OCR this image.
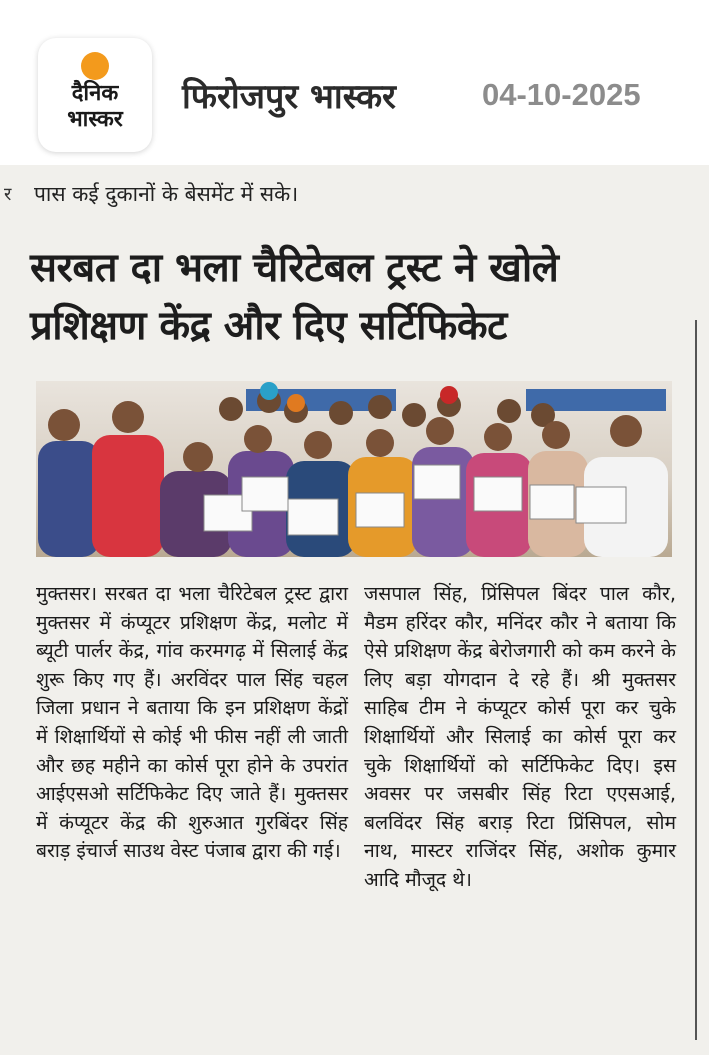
दैनिक
भास्कर
फिरोजपुर भास्कर	04-10-2025
र पास कई दुकानों के बेसमेंट में सके।
सरबत दा भला चैरिटेबल ट्रस्ट ने खोले
प्रशिक्षण केंद्र और दिए सर्टिफिकेट

मुक्तसर। सरबत दा भला चैरिटेबल ट्रस्ट द्वारा मुक्तसर में कंप्यूटर प्रशिक्षण केंद्र, मलोट में ब्यूटी पार्लर केंद्र, गांव करमगढ़ में सिलाई केंद्र शुरू किए गए हैं। अरविंदर पाल सिंह चहल जिला प्रधान ने बताया कि इन प्रशिक्षण केंद्रों में शिक्षार्थियों से कोई भी फीस नहीं ली जाती और छह महीने का कोर्स पूरा होने के उपरांत आईएसओ सर्टिफिकेट दिए जाते हैं। मुक्तसर में कंप्यूटर केंद्र की शुरुआत गुरबिंदर सिंह बराड़ इंचार्ज साउथ वेस्ट पंजाब द्वारा की गई।

जसपाल सिंह, प्रिंसिपल बिंदर पाल कौर, मैडम हरिंदर कौर, मनिंदर कौर ने बताया कि ऐसे प्रशिक्षण केंद्र बेरोजगारी को कम करने के लिए बड़ा योगदान दे रहे हैं। श्री मुक्तसर साहिब टीम ने कंप्यूटर कोर्स पूरा कर चुके शिक्षार्थियों और सिलाई का कोर्स पूरा कर चुके शिक्षार्थियों को सर्टिफिकेट दिए। इस अवसर पर जसबीर सिंह रिटा एएसआई, बलविंदर सिंह बराड़ रिटा प्रिंसिपल, सोम नाथ, मास्टर राजिंदर सिंह, अशोक कुमार आदि मौजूद थे।
